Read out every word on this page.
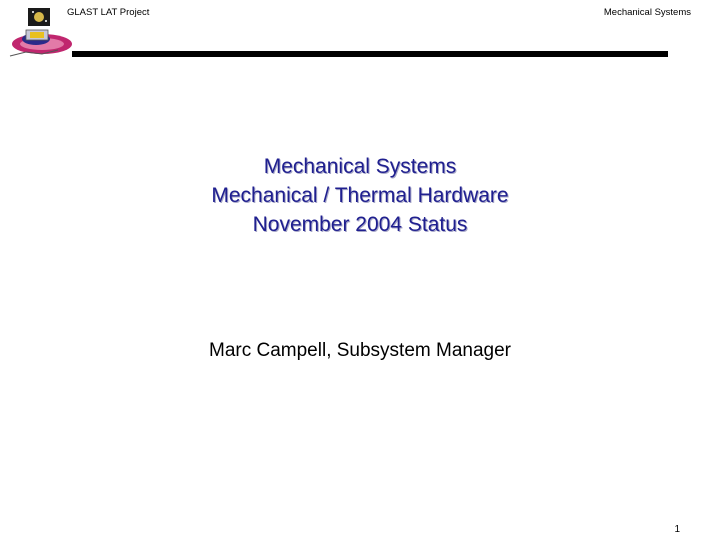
GLAST LAT Project	Mechanical Systems
Mechanical Systems
Mechanical / Thermal Hardware
November 2004 Status
Marc Campell, Subsystem Manager
1
